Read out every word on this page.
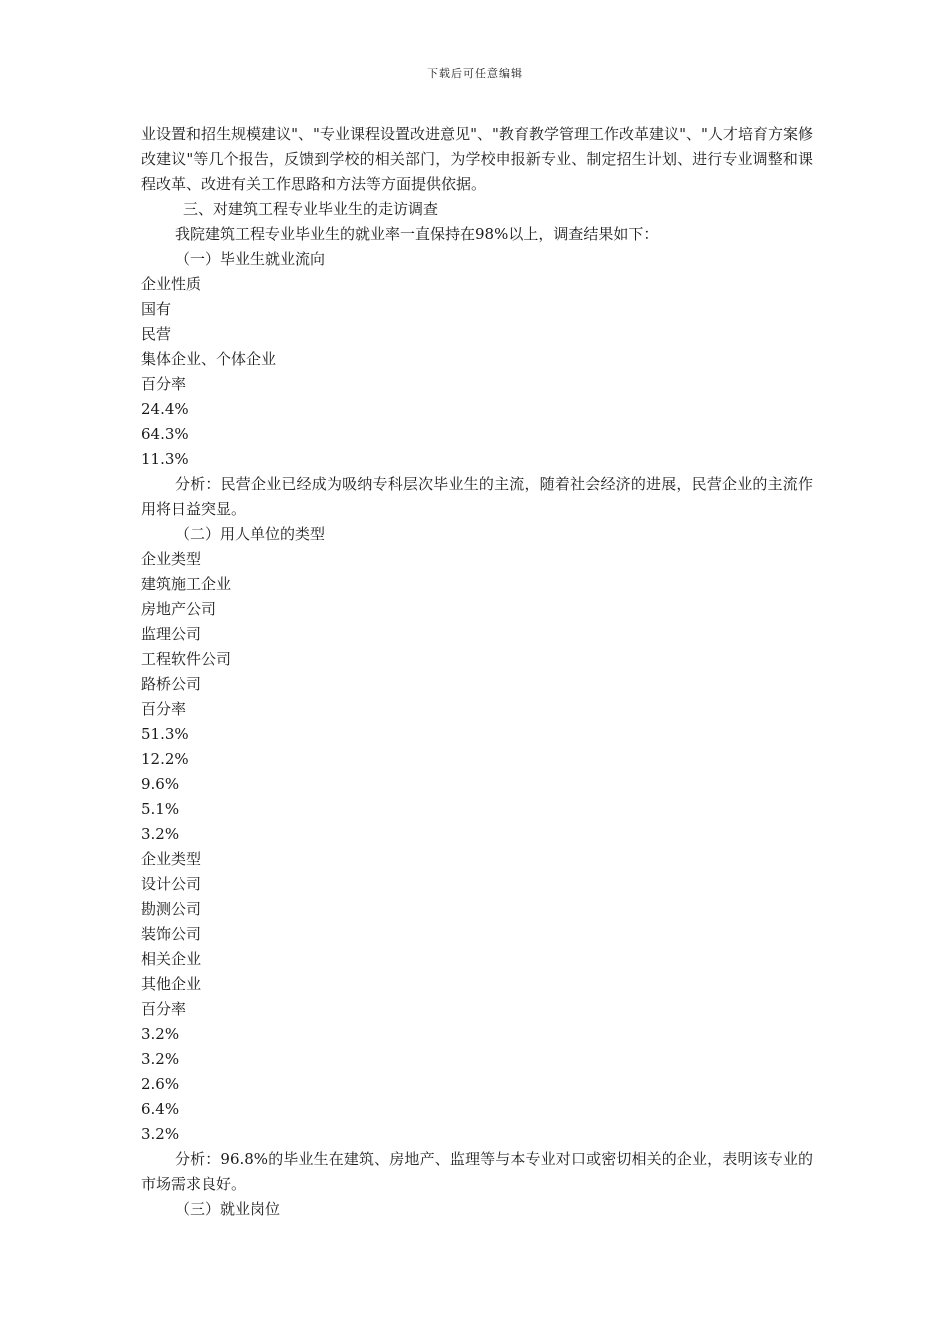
下载后可任意编辑

业设置和招生规模建议"、"专业课程设置改进意见"、"教育教学管理工作改革建议"、"人才培育方案修改建议"等几个报告，反馈到学校的相关部门，为学校申报新专业、制定招生计划、进行专业调整和课程改革、改进有关工作思路和方法等方面提供依据。

三、对建筑工程专业毕业生的走访调查

我院建筑工程专业毕业生的就业率一直保持在98%以上，调查结果如下：

（一）毕业生就业流向

企业性质
国有
民营
集体企业、个体企业
百分率
24.4%
64.3%
11.3%

分析：民营企业已经成为吸纳专科层次毕业生的主流，随着社会经济的进展，民营企业的主流作用将日益突显。

（二）用人单位的类型

企业类型
建筑施工企业
房地产公司
监理公司
工程软件公司
路桥公司
百分率
51.3%
12.2%
9.6%
5.1%
3.2%
企业类型
设计公司
勘测公司
装饰公司
相关企业
其他企业
百分率
3.2%
3.2%
2.6%
6.4%
3.2%

分析：96.8%的毕业生在建筑、房地产、监理等与本专业对口或密切相关的企业，表明该专业的市场需求良好。

（三）就业岗位
